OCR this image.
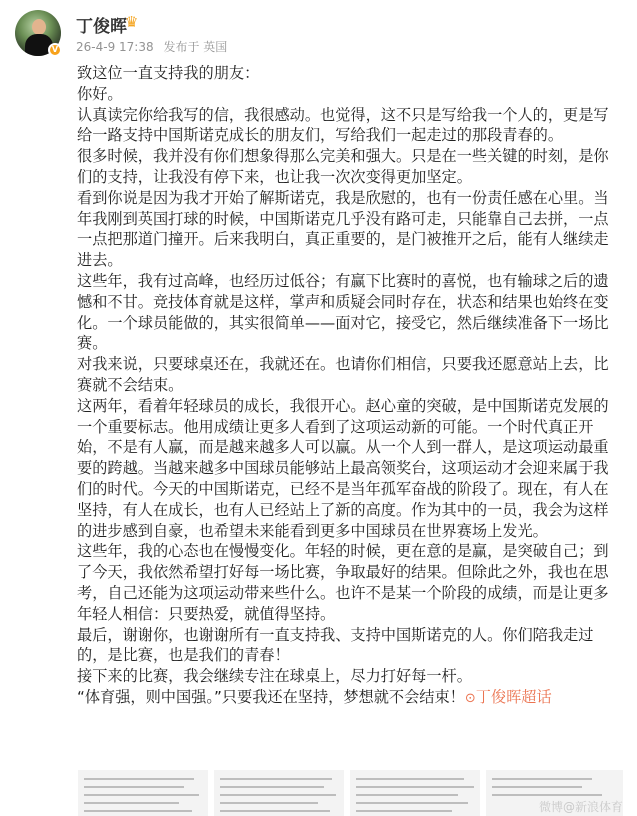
V
丁俊晖
♛
26-4-9 17:38 发布于 英国

致这位一直支持我的朋友：

你好。

认真读完你给我写的信，我很感动。也觉得，这不只是写给我一个人的，更是写给一路支持中国斯诺克成长的朋友们，写给我们一起走过的那段青春的。

很多时候，我并没有你们想象得那么完美和强大。只是在一些关键的时刻，是你们的支持，让我没有停下来，也让我一次次变得更加坚定。

看到你说是因为我才开始了解斯诺克，我是欣慰的，也有一份责任感在心里。当年我刚到英国打球的时候，中国斯诺克几乎没有路可走，只能靠自己去拼，一点一点把那道门撞开。后来我明白，真正重要的，是门被推开之后，能有人继续走进去。

这些年，我有过高峰，也经历过低谷；有赢下比赛时的喜悦，也有输球之后的遗憾和不甘。竞技体育就是这样，掌声和质疑会同时存在，状态和结果也始终在变化。一个球员能做的，其实很简单——面对它，接受它，然后继续准备下一场比赛。

对我来说，只要球桌还在，我就还在。也请你们相信，只要我还愿意站上去，比赛就不会结束。

这两年，看着年轻球员的成长，我很开心。赵心童的突破，是中国斯诺克发展的一个重要标志。他用成绩让更多人看到了这项运动新的可能。一个时代真正开始，不是有人赢，而是越来越多人可以赢。从一个人到一群人，是这项运动最重要的跨越。当越来越多中国球员能够站上最高领奖台，这项运动才会迎来属于我们的时代。今天的中国斯诺克，已经不是当年孤军奋战的阶段了。现在，有人在坚持，有人在成长，也有人已经站上了新的高度。作为其中的一员，我会为这样的进步感到自豪，也希望未来能看到更多中国球员在世界赛场上发光。

这些年，我的心态也在慢慢变化。年轻的时候，更在意的是赢，是突破自己；到了今天，我依然希望打好每一场比赛，争取最好的结果。但除此之外，我也在思考，自己还能为这项运动带来些什么。也许不是某一个阶段的成绩，而是让更多年轻人相信：只要热爱，就值得坚持。

最后，谢谢你，也谢谢所有一直支持我、支持中国斯诺克的人。你们陪我走过的，是比赛，也是我们的青春！

接下来的比赛，我会继续专注在球桌上，尽力打好每一杆。

“体育强，则中国强。”只要我还在坚持，梦想就不会结束！⊙丁俊晖超话

微博@新浪体育
